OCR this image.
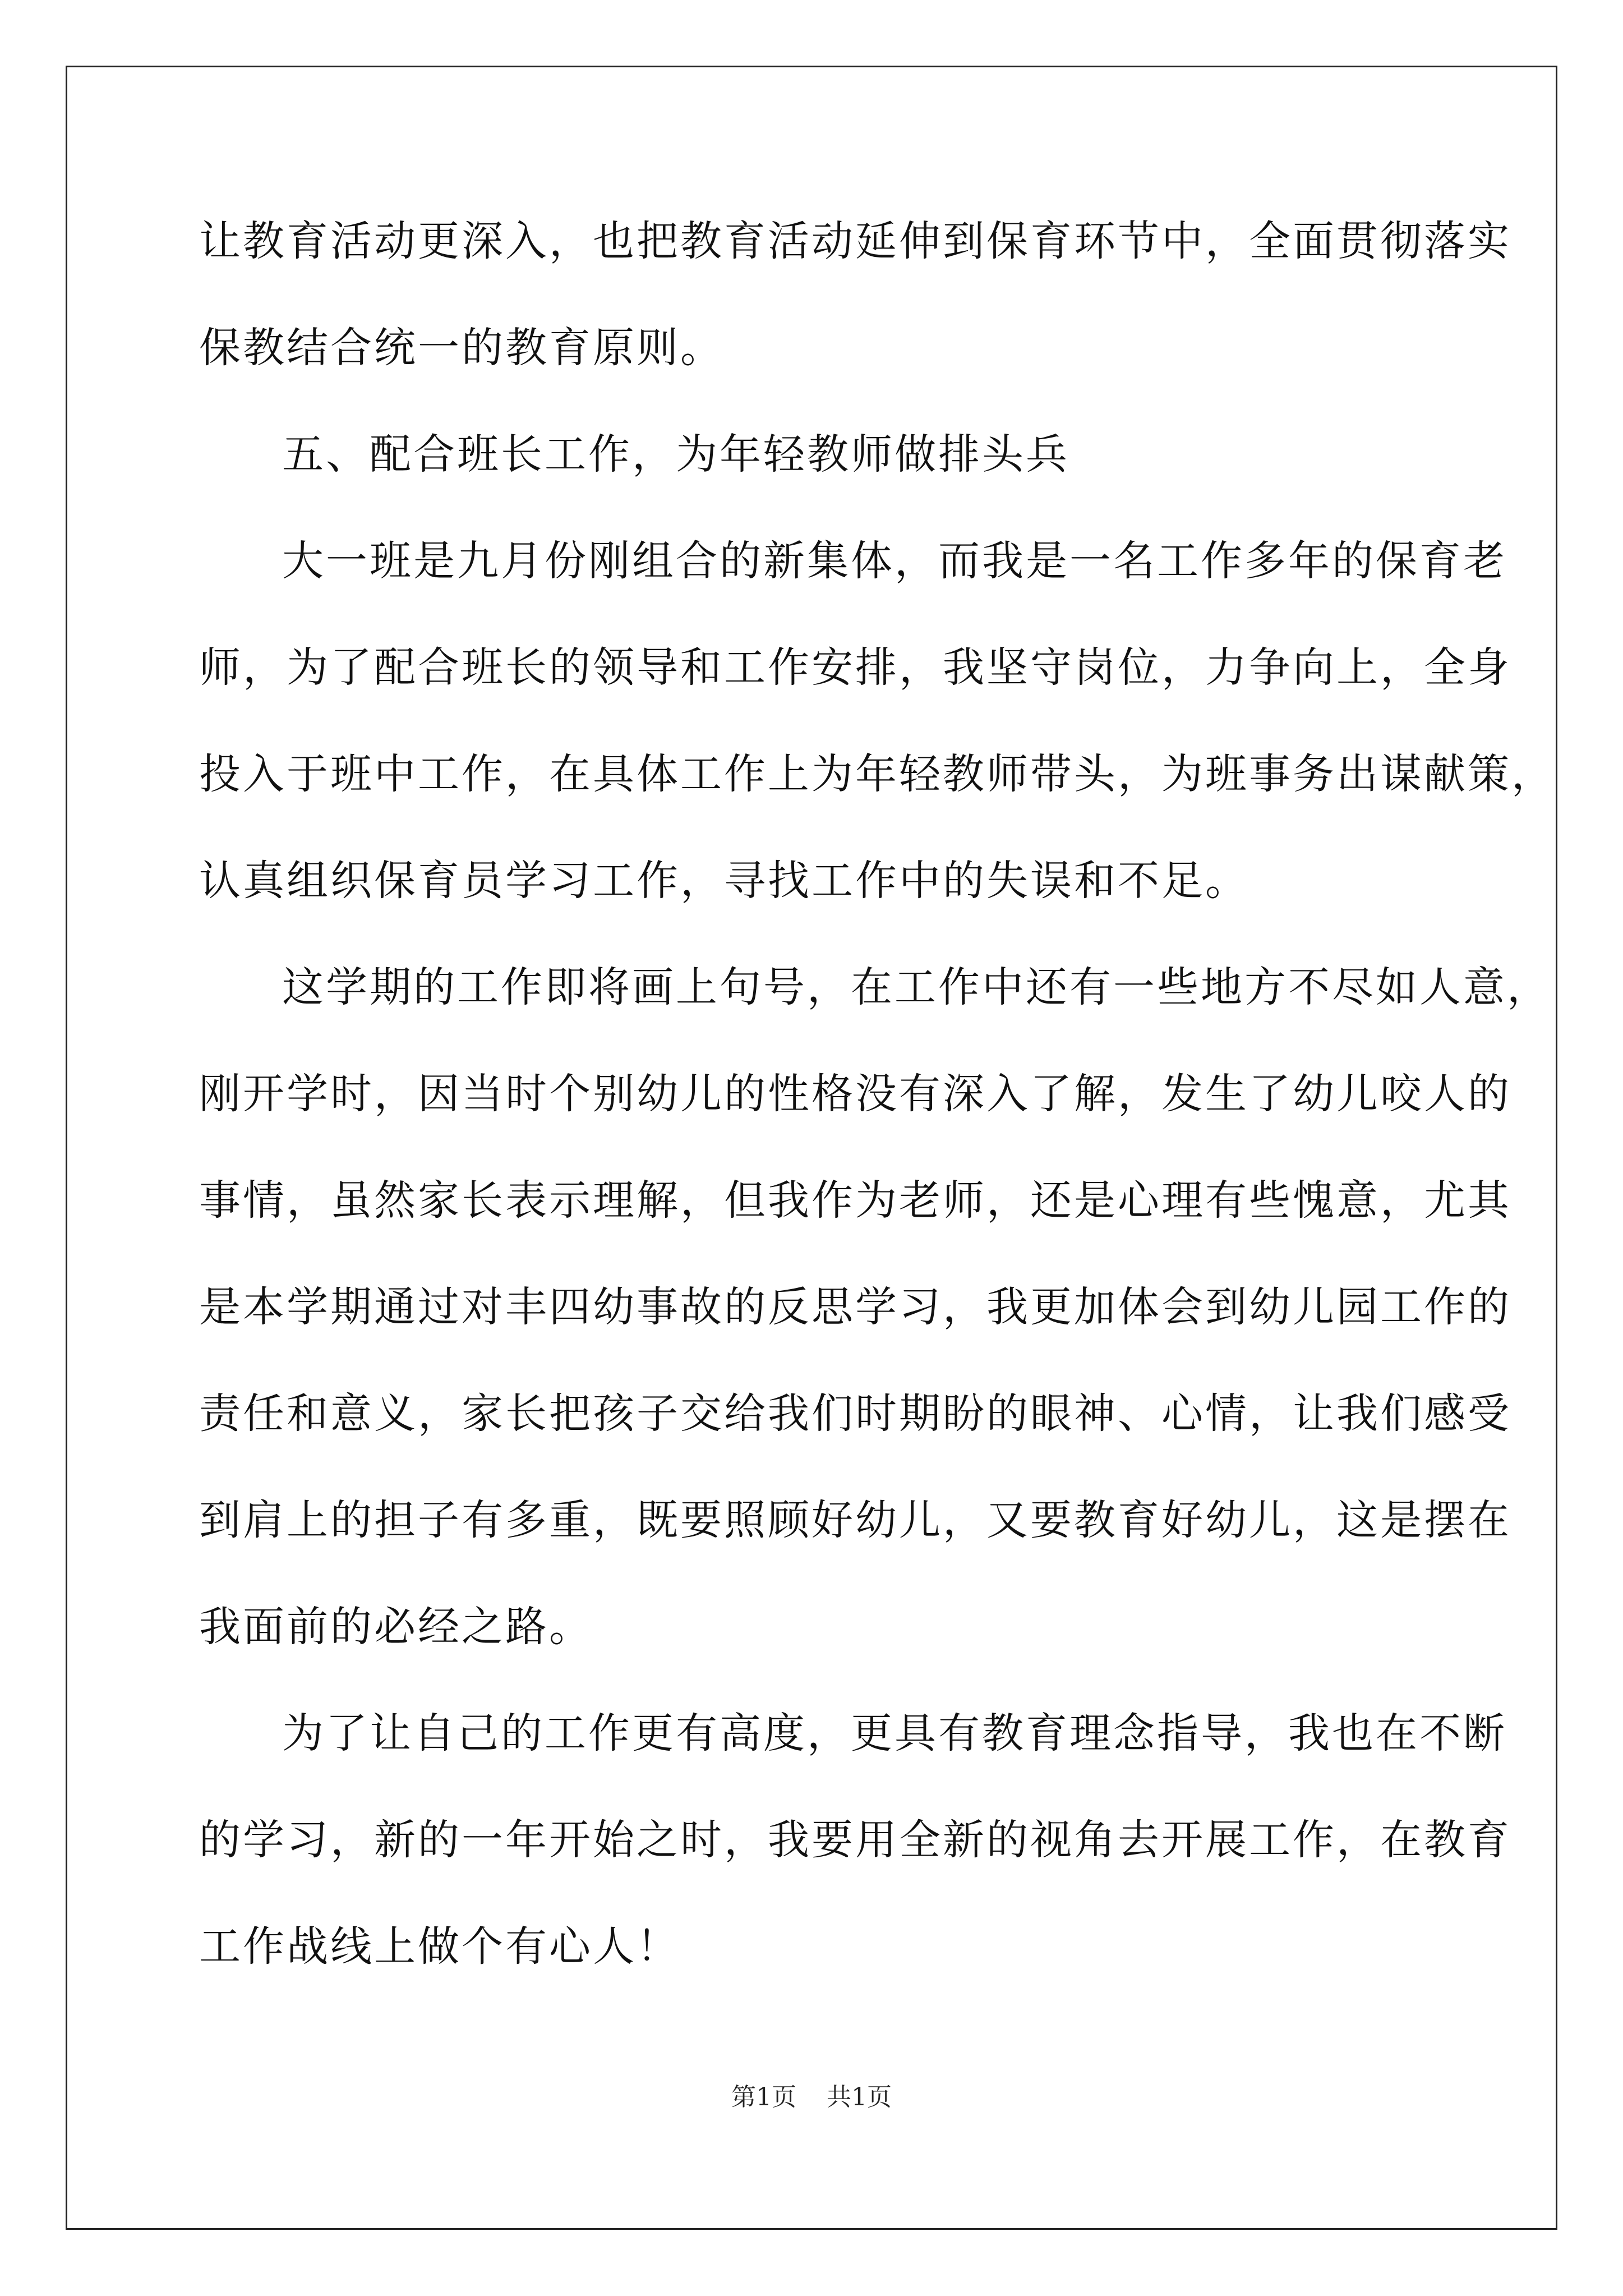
让教育活动更深入，也把教育活动延伸到保育环节中，全面贯彻落实
保教结合统一的教育原则。
五、配合班长工作，为年轻教师做排头兵
大一班是九月份刚组合的新集体，而我是一名工作多年的保育老
师，为了配合班长的领导和工作安排，我坚守岗位，力争向上，全身
投入于班中工作，在具体工作上为年轻教师带头，为班事务出谋献策，
认真组织保育员学习工作，寻找工作中的失误和不足。
这学期的工作即将画上句号，在工作中还有一些地方不尽如人意，
刚开学时，因当时个别幼儿的性格没有深入了解，发生了幼儿咬人的
事情，虽然家长表示理解，但我作为老师，还是心理有些愧意，尤其
是本学期通过对丰四幼事故的反思学习，我更加体会到幼儿园工作的
责任和意义，家长把孩子交给我们时期盼的眼神、心情，让我们感受
到肩上的担子有多重，既要照顾好幼儿，又要教育好幼儿，这是摆在
我面前的必经之路。
为了让自己的工作更有高度，更具有教育理念指导，我也在不断
的学习，新的一年开始之时，我要用全新的视角去开展工作，在教育
工作战线上做个有心人！
第1页 共1页
